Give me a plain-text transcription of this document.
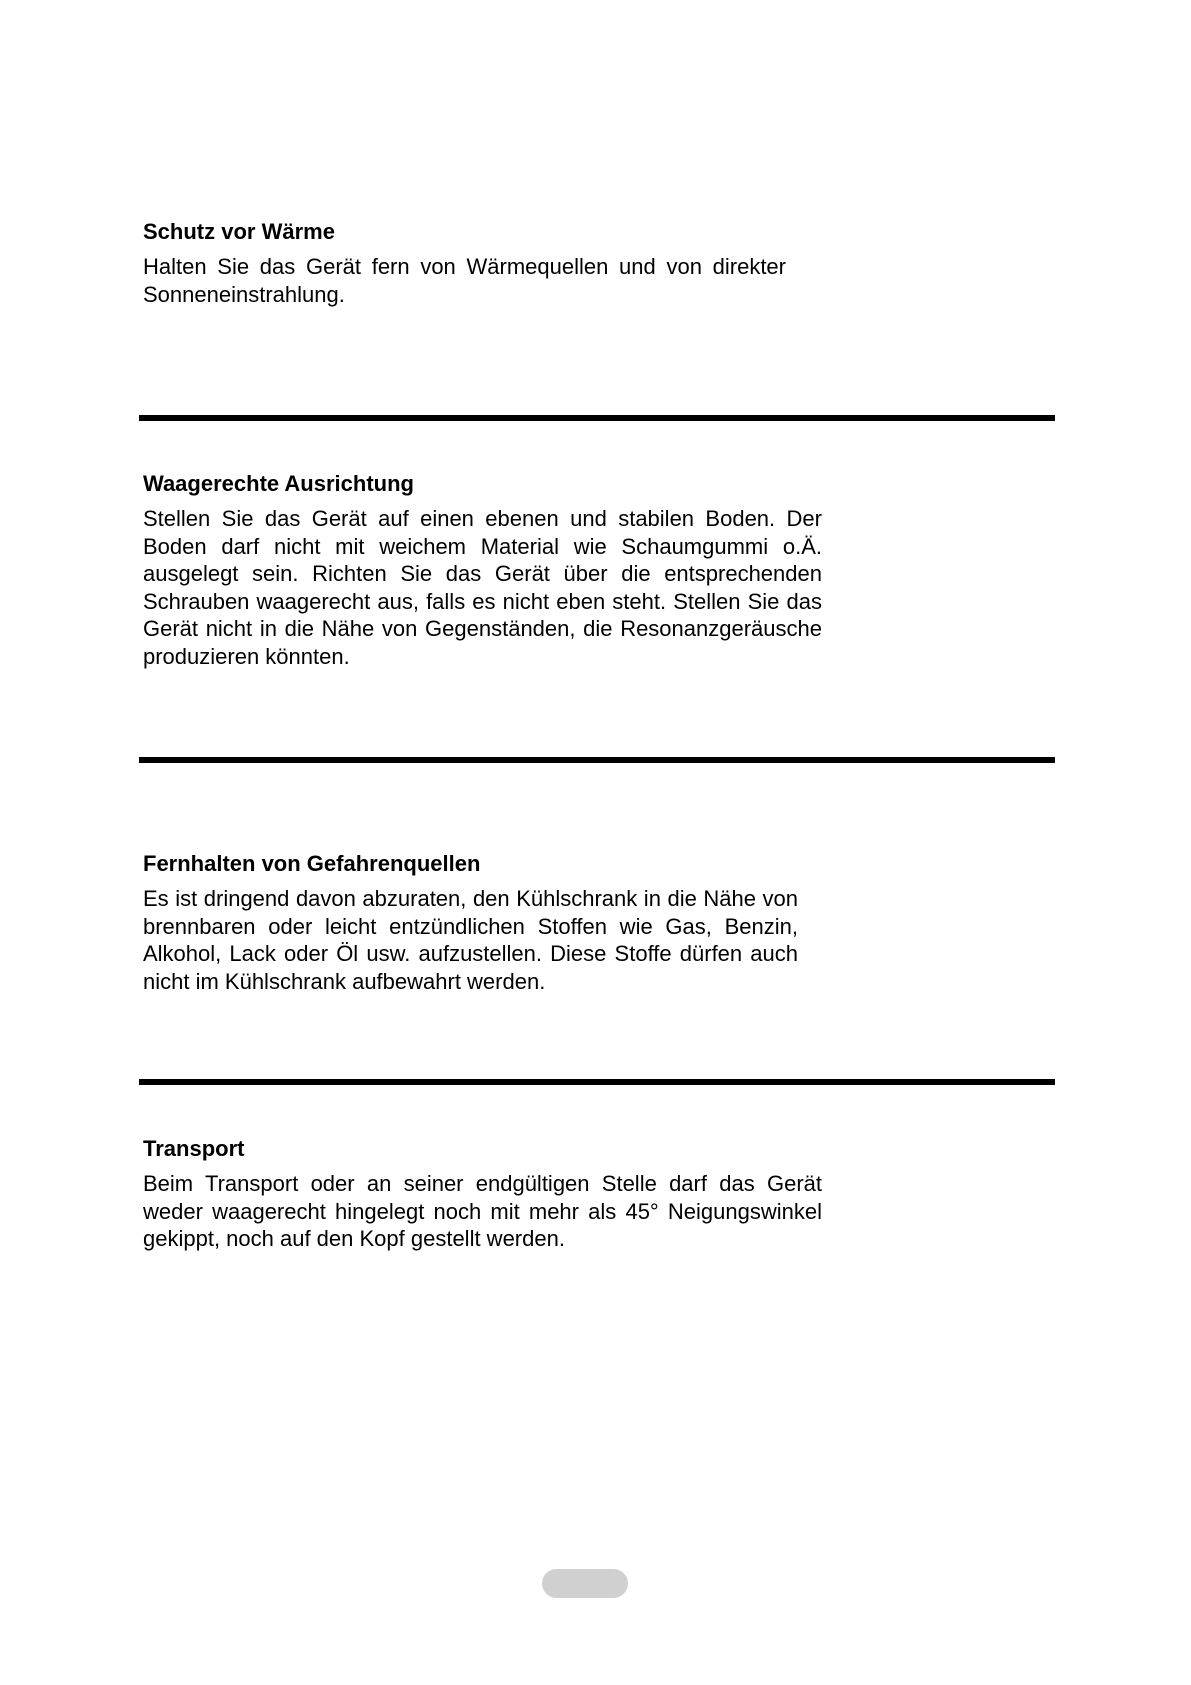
Schutz vor Wärme

Halten Sie das Gerät fern von Wärmequellen und von direkter Sonneneinstrahlung.

Waagerechte Ausrichtung

Stellen Sie das Gerät auf einen ebenen und stabilen Boden. Der Boden darf nicht mit weichem Material wie Schaumgummi o.Ä. ausgelegt sein. Richten Sie das Gerät über die entsprechenden Schrauben waagerecht aus, falls es nicht eben steht. Stellen Sie das Gerät nicht in die Nähe von Gegenständen, die Resonanzgeräusche produzieren könnten.

Fernhalten von Gefahrenquellen

Es ist dringend davon abzuraten, den Kühlschrank in die Nähe von brennbaren oder leicht entzündlichen Stoffen wie Gas, Benzin, Alkohol, Lack oder Öl usw. aufzustellen. Diese Stoffe dürfen auch nicht im Kühlschrank aufbewahrt werden.

Transport

Beim Transport oder an seiner endgültigen Stelle darf das Gerät weder waagerecht hingelegt noch mit mehr als 45° Neigungswinkel gekippt, noch auf den Kopf gestellt werden.
